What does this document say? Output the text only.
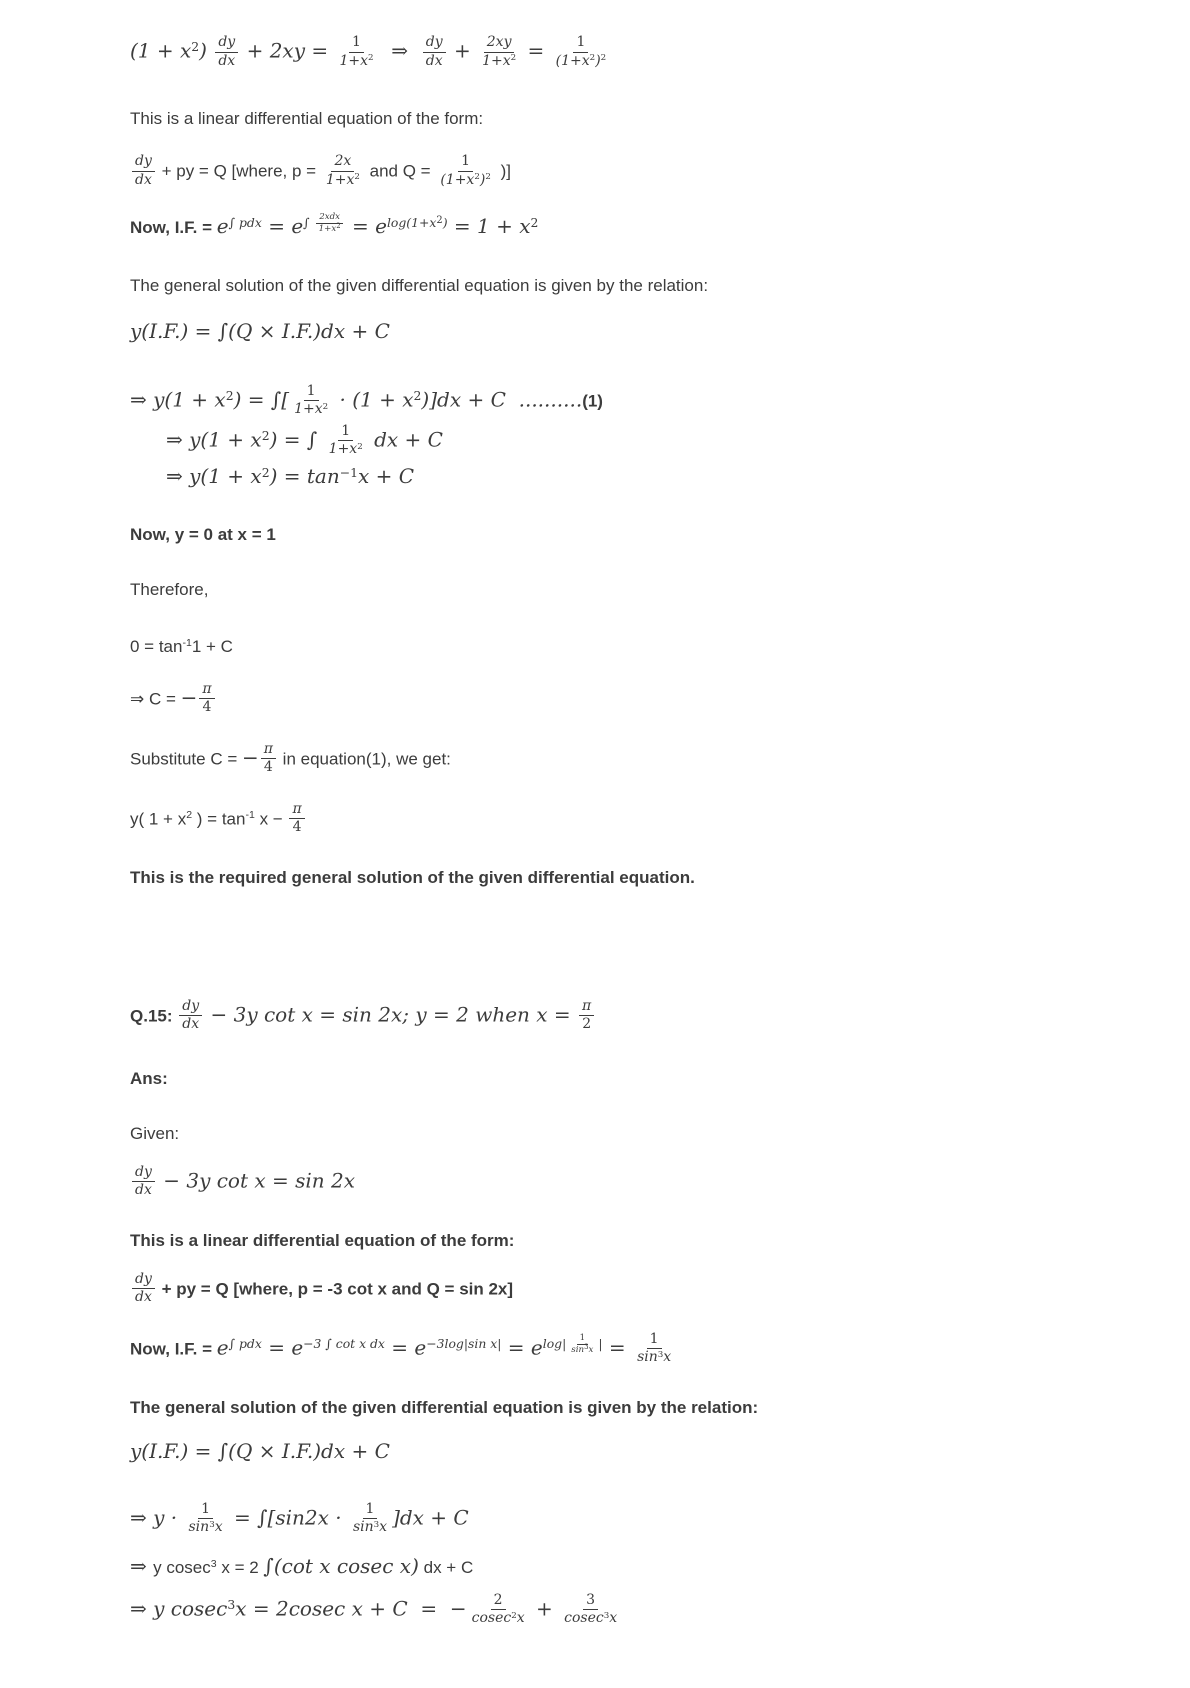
$(1 + x2) \frac{dy}{dx} + 2xy = \frac{1}{1+x2}$ ⇒ $\frac{dy}{dx} + \frac{2xy}{1+x2} = \frac{1}{(1+x2)2}$
This is a linear differential equation of the form:
$\frac{dy}{dx}$ + py = Q [where, $p = \frac{2x}{1+x2}$ and $Q = \frac{1}{(1+x2)2}$ )]
Now, I.F. = e∫ pdx = $e\int \frac{\text{2xdx}}{1+x2} = elog(1+x2) = 1 + x2$
The general solution of the given differential equation is given by the relation:
y(I.F.) = ∫(Q × I.F.)dx + C
⇒ y(1 + x2) = ∫[ $\frac{1}{1+x2} \cdot (1 + x2)]dx + C$  ..........(1)
⇒ y(1 + x2) = ∫ $\frac{1}{1+x2}$ dx + C
⇒ y(1 + x2) = tan−1x + C
Now, y = 0 at x = 1
Therefore,
0 = tan-11 + C
⇒ C = − $\frac{\pi}{4}$
Substitute C = − $\frac{\pi}{4}$ in equation(1), we get:
y( 1 + x2 ) = tan-1 $x - \frac{\pi}{4}$
This is the required general solution of the given differential equation.
Q.15: $\frac{dy}{dx} - 3y$ cot x = sin 2x; y = 2 when $x = \frac{\pi}{2}$
Ans:
Given:
$\frac{dy}{dx} - 3y$ cot x = sin 2x
This is a linear differential equation of the form:
$\frac{dy}{dx}$ + py = Q [where, p = -3 cot x and Q = sin 2x]
Now, I.F. = e∫ pdx = e−3 ∫ cot x dx = e−3log|sin $x| = elog| \frac{1}{\sin 3x}$ | = $\frac{1}{\sin 3x}$
The general solution of the given differential equation is given by the relation:
y(I.F.) = ∫(Q × I.F.)dx + C
⇒ $y \cdot \frac{1}{\sin 3x} = \int[\sin 2x \cdot \frac{1}{\sin 3x} ]dx + C$
⇒ y cosec3 x = 2 ∫(cot x cosec x) dx + C
⇒ y cosec3x = 2cosec x + C  =  − $\frac{2}{cosec2x} + \frac{3}{cosec3x}$
